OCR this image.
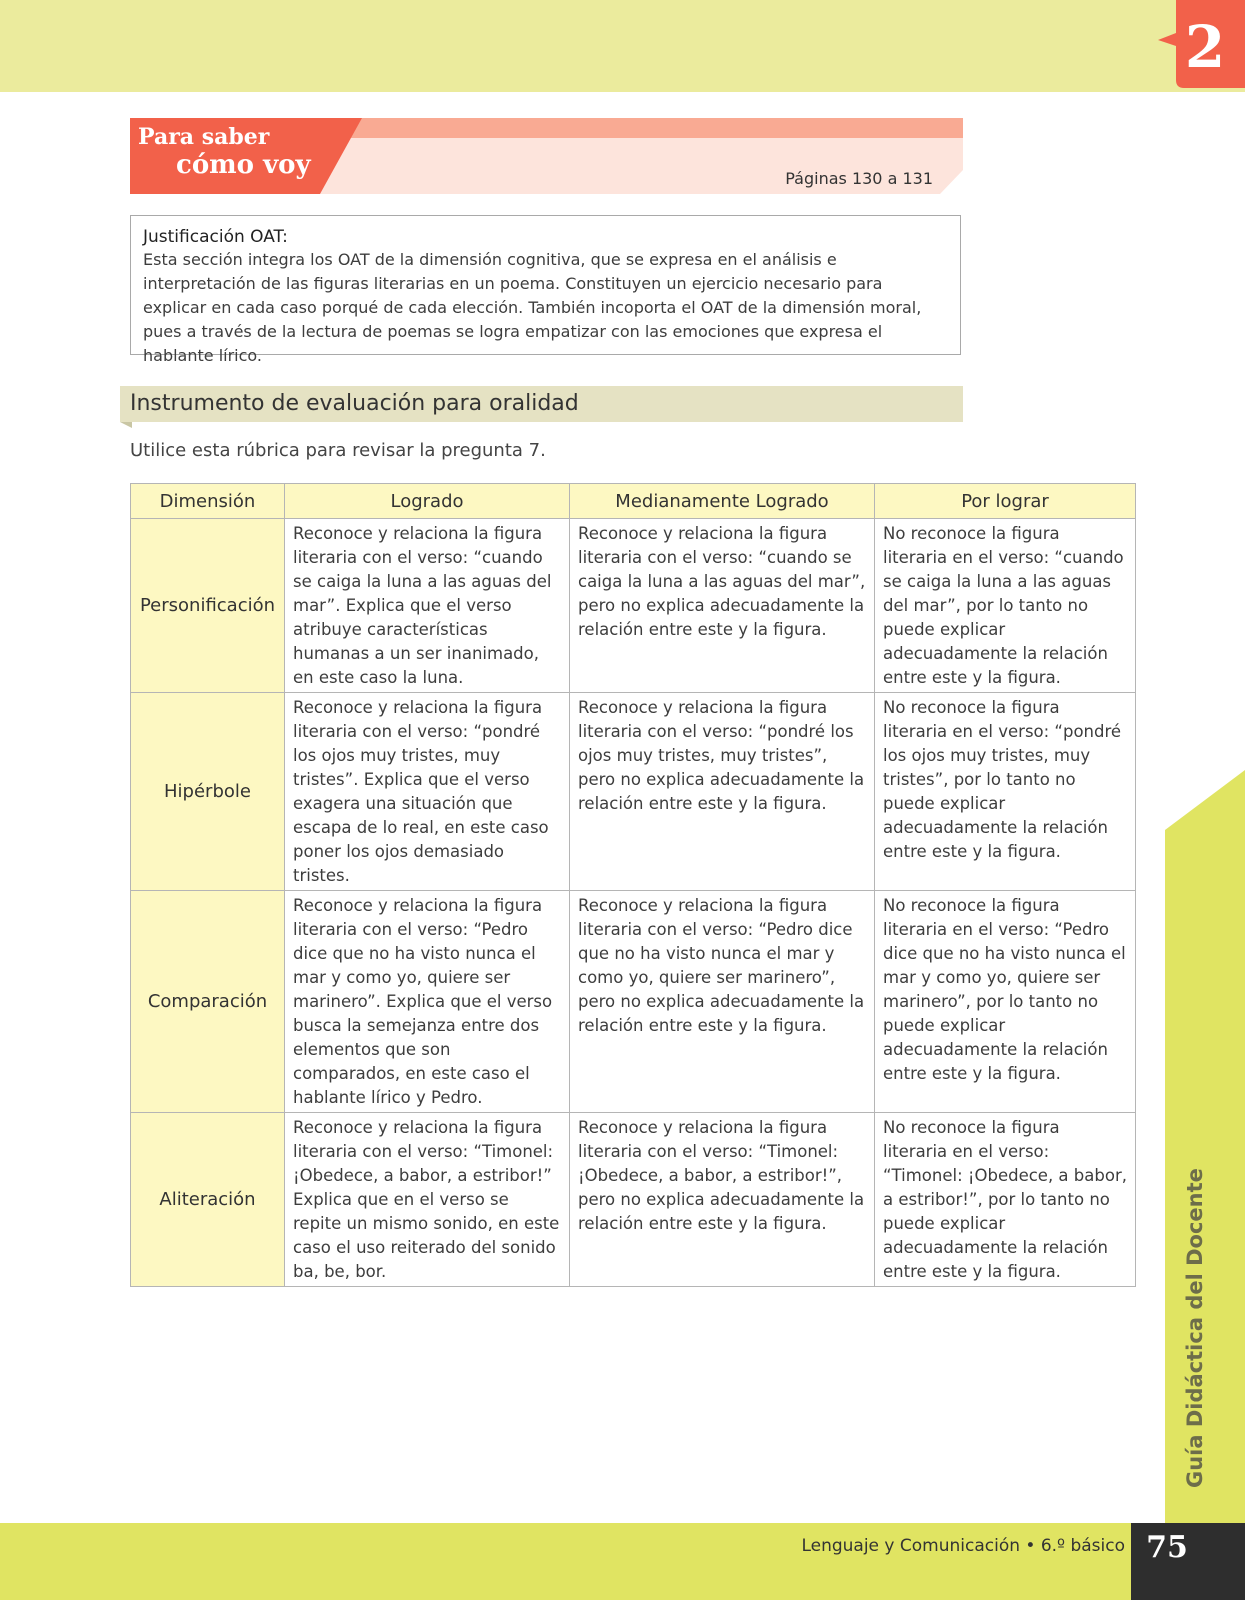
2
Para saber
cómo voy	Páginas 130 a 131
Justificación OAT:
Esta sección integra los OAT de la dimensión cognitiva, que se expresa en el análisis e interpretación de las figuras literarias en un poema. Constituyen un ejercicio necesario para explicar en cada caso porqué de cada elección. También incoporta el OAT de la dimensión moral, pues a través de la lectura de poemas se logra empatizar con las emociones que expresa el hablante lírico.
Instrumento de evaluación para oralidad
Utilice esta rúbrica para revisar la pregunta 7.
Dimensión	Logrado	Medianamente Logrado	Por lograr
Personificación	Reconoce y relaciona la figura literaria con el verso: “cuando se caiga la luna a las aguas del mar”. Explica que el verso atribuye características humanas a un ser inanimado, en este caso la luna.	Reconoce y relaciona la figura literaria con el verso: “cuando se caiga la luna a las aguas del mar”, pero no explica adecuadamente la relación entre este y la figura.	No reconoce la figura literaria en el verso: “cuando se caiga la luna a las aguas del mar”, por lo tanto no puede explicar adecuadamente la relación entre este y la figura.
Hipérbole	Reconoce y relaciona la figura literaria con el verso: “pondré los ojos muy tristes, muy tristes”. Explica que el verso exagera una situación que escapa de lo real, en este caso poner los ojos demasiado tristes.	Reconoce y relaciona la figura literaria con el verso: “pondré los ojos muy tristes, muy tristes”, pero no explica adecuadamente la relación entre este y la figura.	No reconoce la figura literaria en el verso: “pondré los ojos muy tristes, muy tristes”, por lo tanto no puede explicar adecuadamente la relación entre este y la figura.
Comparación	Reconoce y relaciona la figura literaria con el verso: “Pedro dice que no ha visto nunca el mar y como yo, quiere ser marinero”. Explica que el verso busca la semejanza entre dos elementos que son comparados, en este caso el hablante lírico y Pedro.	Reconoce y relaciona la figura literaria con el verso: “Pedro dice que no ha visto nunca el mar y como yo, quiere ser marinero”, pero no explica adecuadamente la relación entre este y la figura.	No reconoce la figura literaria en el verso: “Pedro dice que no ha visto nunca el mar y como yo, quiere ser marinero”, por lo tanto no puede explicar adecuadamente la relación entre este y la figura.
Aliteración	Reconoce y relaciona la figura literaria con el verso: “Timonel: ¡Obedece, a babor, a estribor!” Explica que en el verso se repite un mismo sonido, en este caso el uso reiterado del sonido ba, be, bor.	Reconoce y relaciona la figura literaria con el verso: “Timonel: ¡Obedece, a babor, a estribor!”, pero no explica adecuadamente la relación entre este y la figura.	No reconoce la figura literaria en el verso: “Timonel: ¡Obedece, a babor, a estribor!”, por lo tanto no puede explicar adecuadamente la relación entre este y la figura.	Guía Didáctica del Docente
Lenguaje y Comunicación • 6.º básico 75
